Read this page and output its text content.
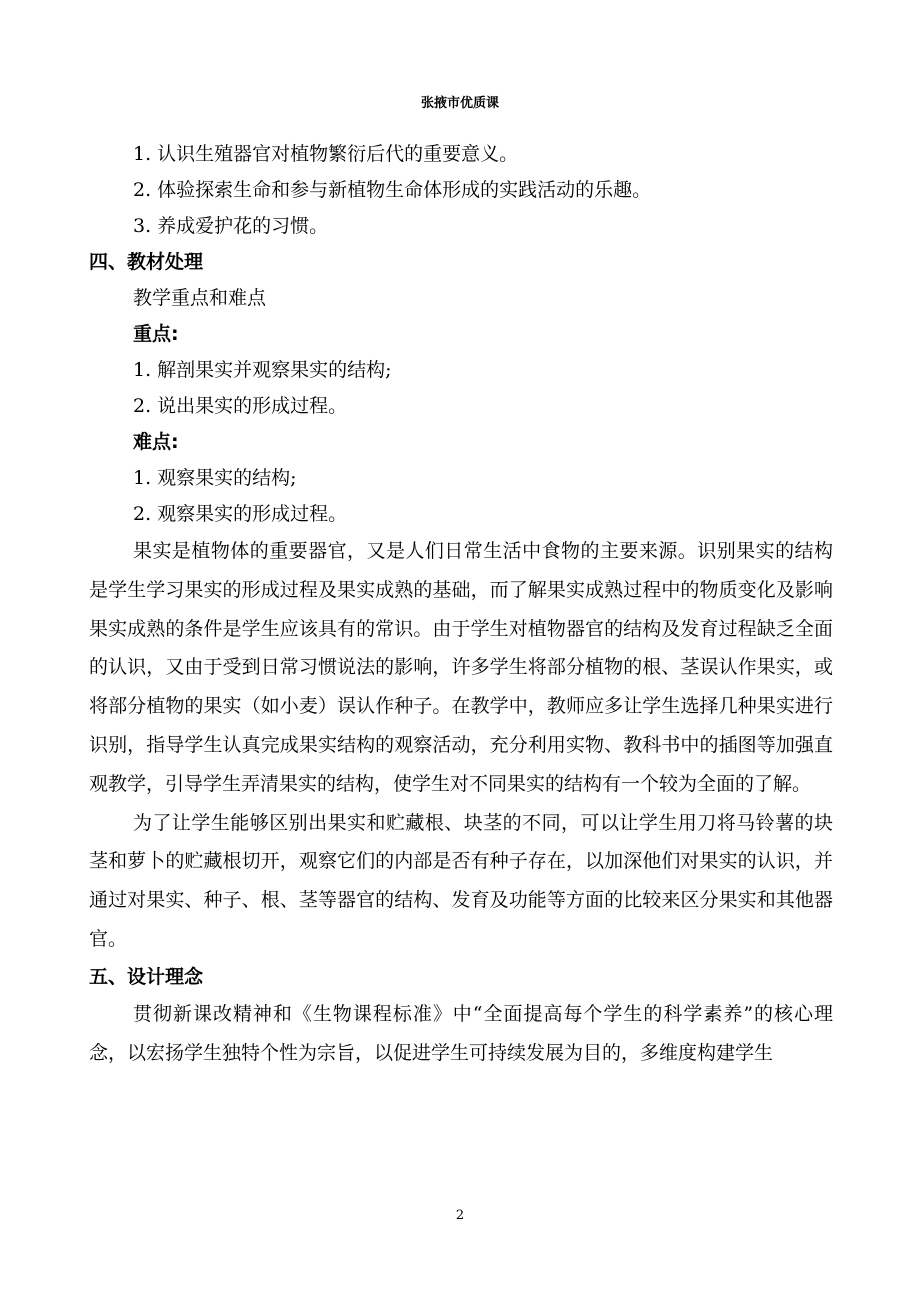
张掖市优质课
1. 认识生殖器官对植物繁衍后代的重要意义。
2. 体验探索生命和参与新植物生命体形成的实践活动的乐趣。
3. 养成爱护花的习惯。
四、教材处理
教学重点和难点
重点:
1. 解剖果实并观察果实的结构;
2. 说出果实的形成过程。
难点:
1. 观察果实的结构;
2. 观察果实的形成过程。

果实是植物体的重要器官，又是人们日常生活中食物的主要来源。识别果实的结构是学生学习果实的形成过程及果实成熟的基础，而了解果实成熟过程中的物质变化及影响果实成熟的条件是学生应该具有的常识。由于学生对植物器官的结构及发育过程缺乏全面的认识，又由于受到日常习惯说法的影响，许多学生将部分植物的根、茎误认作果实，或将部分植物的果实（如小麦）误认作种子。在教学中，教师应多让学生选择几种果实进行识别，指导学生认真完成果实结构的观察活动，充分利用实物、教科书中的插图等加强直观教学，引导学生弄清果实的结构，使学生对不同果实的结构有一个较为全面的了解。

为了让学生能够区别出果实和贮藏根、块茎的不同，可以让学生用刀将马铃薯的块茎和萝卜的贮藏根切开，观察它们的内部是否有种子存在，以加深他们对果实的认识，并通过对果实、种子、根、茎等器官的结构、发育及功能等方面的比较来区分果实和其他器官。

五、设计理念

贯彻新课改精神和《生物课程标准》中“全面提高每个学生的科学素养”的核心理念，以宏扬学生独特个性为宗旨，以促进学生可持续发展为目的，多维度构建学生

2
